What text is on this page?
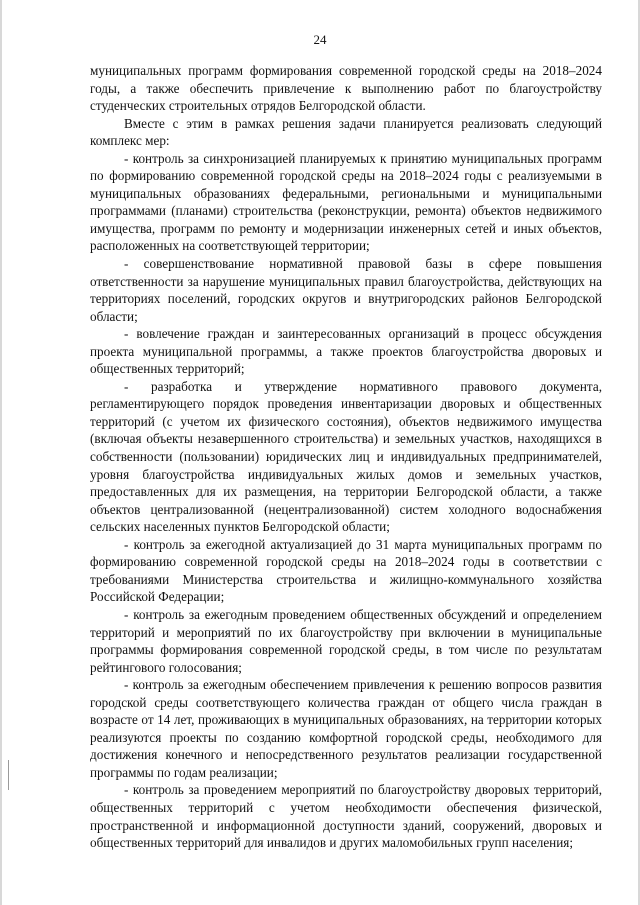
24

муниципальных программ формирования современной городской среды на 2018–2024 годы, а также обеспечить привлечение к выполнению работ по благоустройству студенческих строительных отрядов Белгородской области.

Вместе с этим в рамках решения задачи планируется реализовать следующий комплекс мер:

- контроль за синхронизацией планируемых к принятию муниципальных программ по формированию современной городской среды на 2018–2024 годы с реализуемыми в муниципальных образованиях федеральными, региональными и муниципальными программами (планами) строительства (реконструкции, ремонта) объектов недвижимого имущества, программ по ремонту и модернизации инженерных сетей и иных объектов, расположенных на соответствующей территории;

- совершенствование нормативной правовой базы в сфере повышения ответственности за нарушение муниципальных правил благоустройства, действующих на территориях поселений, городских округов и внутригородских районов Белгородской области;

- вовлечение граждан и заинтересованных организаций в процесс обсуждения проекта муниципальной программы, а также проектов благоустройства дворовых и общественных территорий;

- разработка и утверждение нормативного правового документа, регламентирующего порядок проведения инвентаризации дворовых и общественных территорий (с учетом их физического состояния), объектов недвижимого имущества (включая объекты незавершенного строительства) и земельных участков, находящихся в собственности (пользовании) юридических лиц и индивидуальных предпринимателей, уровня благоустройства индивидуальных жилых домов и земельных участков, предоставленных для их размещения, на территории Белгородской области, а также объектов централизованной (нецентрализованной) систем холодного водоснабжения сельских населенных пунктов Белгородской области;

- контроль за ежегодной актуализацией до 31 марта муниципальных программ по формированию современной городской среды на 2018–2024 годы в соответствии с требованиями Министерства строительства и жилищно-коммунального хозяйства Российской Федерации;

- контроль за ежегодным проведением общественных обсуждений и определением территорий и мероприятий по их благоустройству при включении в муниципальные программы формирования современной городской среды, в том числе по результатам рейтингового голосования;

- контроль за ежегодным обеспечением привлечения к решению вопросов развития городской среды соответствующего количества граждан от общего числа граждан в возрасте от 14 лет, проживающих в муниципальных образованиях, на территории которых реализуются проекты по созданию комфортной городской среды, необходимого для достижения конечного и непосредственного результатов реализации государственной программы по годам реализации;

- контроль за проведением мероприятий по благоустройству дворовых территорий, общественных территорий с учетом необходимости обеспечения физической, пространственной и информационной доступности зданий, сооружений, дворовых и общественных территорий для инвалидов и других маломобильных групп населения;
